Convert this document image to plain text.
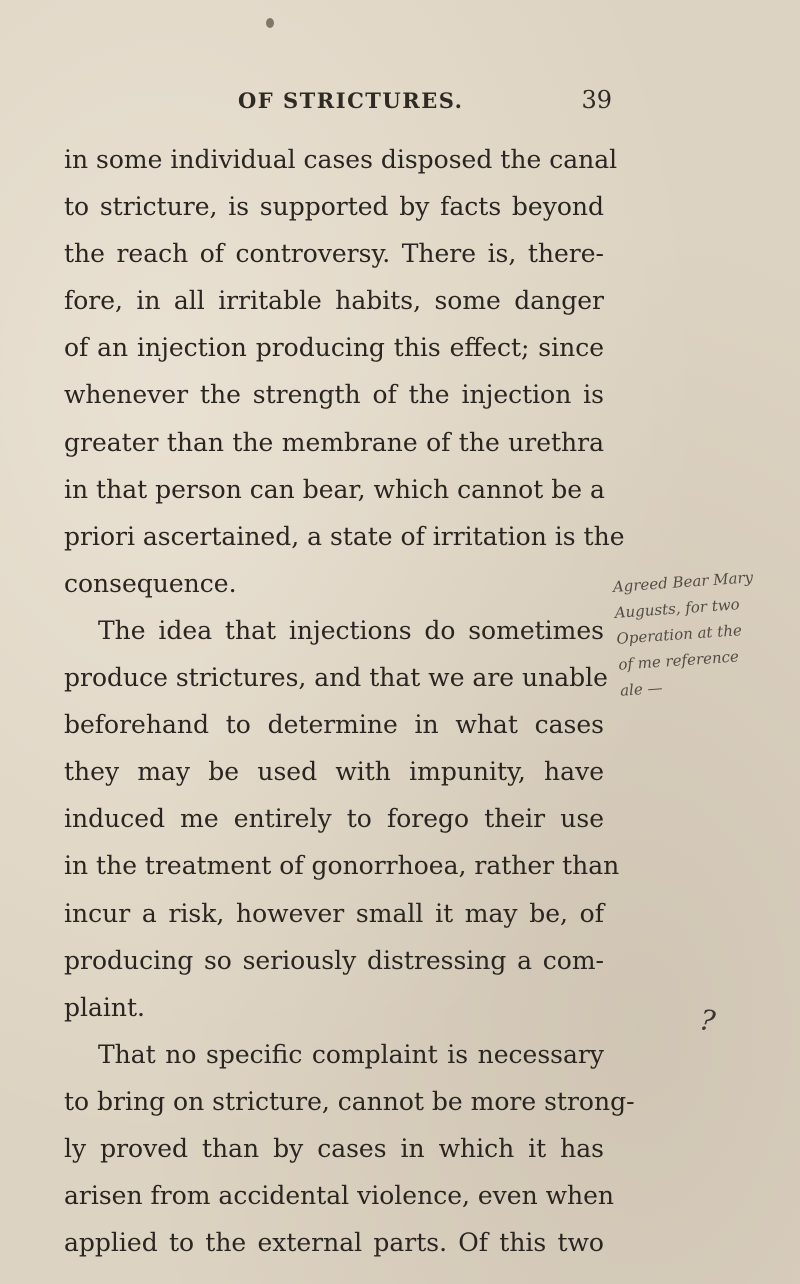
OF STRICTURES.	39
in some individual cases disposed the canal
to stricture, is supported by facts beyond
the reach of controversy. There is, there-
fore, in all irritable habits, some danger
of an injection producing this effect; since
whenever the strength of the injection is
greater than the membrane of the urethra
in that person can bear, which cannot be a
priori ascertained, a state of irritation is the
consequence.
The idea that injections do sometimes
produce strictures, and that we are unable
beforehand to determine in what cases
they may be used with impunity, have
induced me entirely to forego their use
in the treatment of gonorrhoea, rather than
incur a risk, however small it may be, of
producing so seriously distressing a com-
plaint.
That no specific complaint is necessary
to bring on stricture, cannot be more strong-
ly proved than by cases in which it has
arisen from accidental violence, even when
applied to the external parts. Of this two
Agreed Bear Mary
Augusts, for two
Operation at the
of me reference
ale —
?
